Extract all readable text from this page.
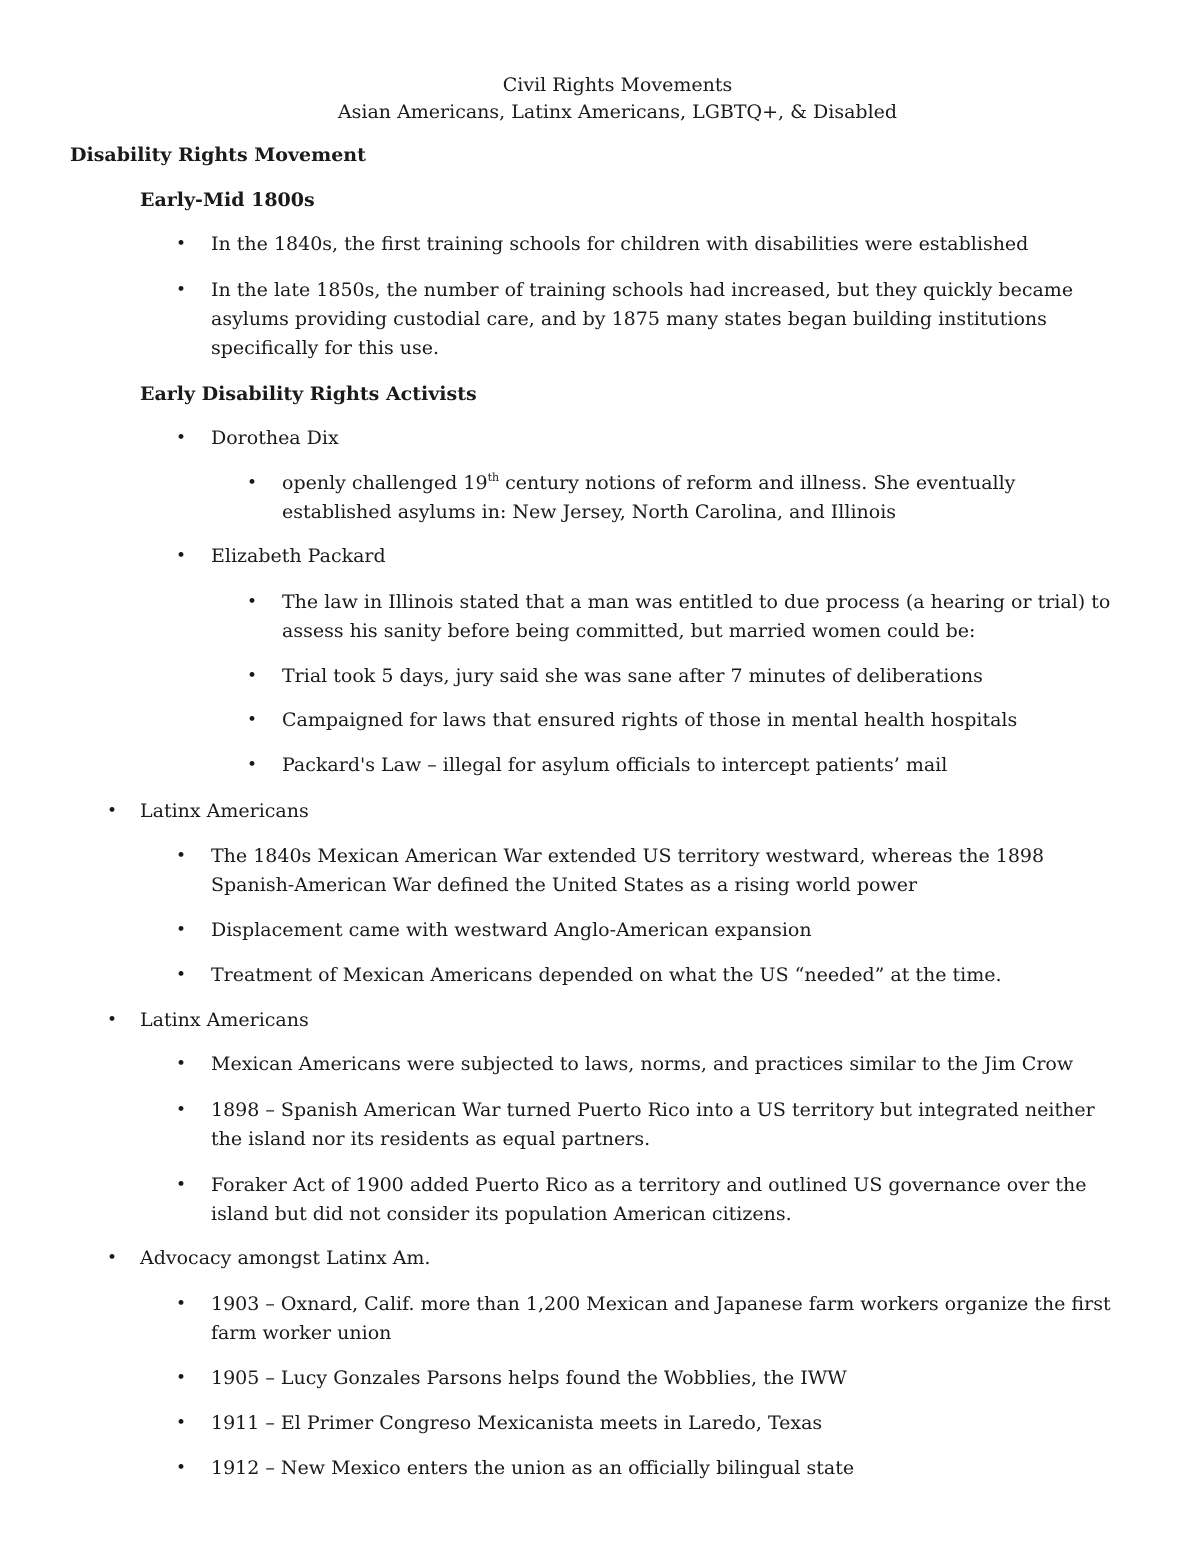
Civil Rights Movements
Asian Americans, Latinx Americans, LGBTQ+, & Disabled
Disability Rights Movement
Early-Mid 1800s
• In the 1840s, the first training schools for children with disabilities were established
• In the late 1850s, the number of training schools had increased, but they quickly became asylums providing custodial care, and by 1875 many states began building institutions specifically for this use.
Early Disability Rights Activists
• Dorothea Dix
• openly challenged 19th century notions of reform and illness. She eventually established asylums in: New Jersey, North Carolina, and Illinois
• Elizabeth Packard
• The law in Illinois stated that a man was entitled to due process (a hearing or trial) to assess his sanity before being committed, but married women could be:
• Trial took 5 days, jury said she was sane after 7 minutes of deliberations
• Campaigned for laws that ensured rights of those in mental health hospitals
• Packard's Law – illegal for asylum officials to intercept patients’ mail
• Latinx Americans
• The 1840s Mexican American War extended US territory westward, whereas the 1898 Spanish-American War defined the United States as a rising world power
• Displacement came with westward Anglo-American expansion
• Treatment of Mexican Americans depended on what the US “needed” at the time.
• Latinx Americans
• Mexican Americans were subjected to laws, norms, and practices similar to the Jim Crow
• 1898 – Spanish American War turned Puerto Rico into a US territory but integrated neither the island nor its residents as equal partners.
• Foraker Act of 1900 added Puerto Rico as a territory and outlined US governance over the island but did not consider its population American citizens.
• Advocacy amongst Latinx Am.
• 1903 – Oxnard, Calif. more than 1,200 Mexican and Japanese farm workers organize the first farm worker union
• 1905 – Lucy Gonzales Parsons helps found the Wobblies, the IWW
• 1911 – El Primer Congreso Mexicanista meets in Laredo, Texas
• 1912 – New Mexico enters the union as an officially bilingual state
